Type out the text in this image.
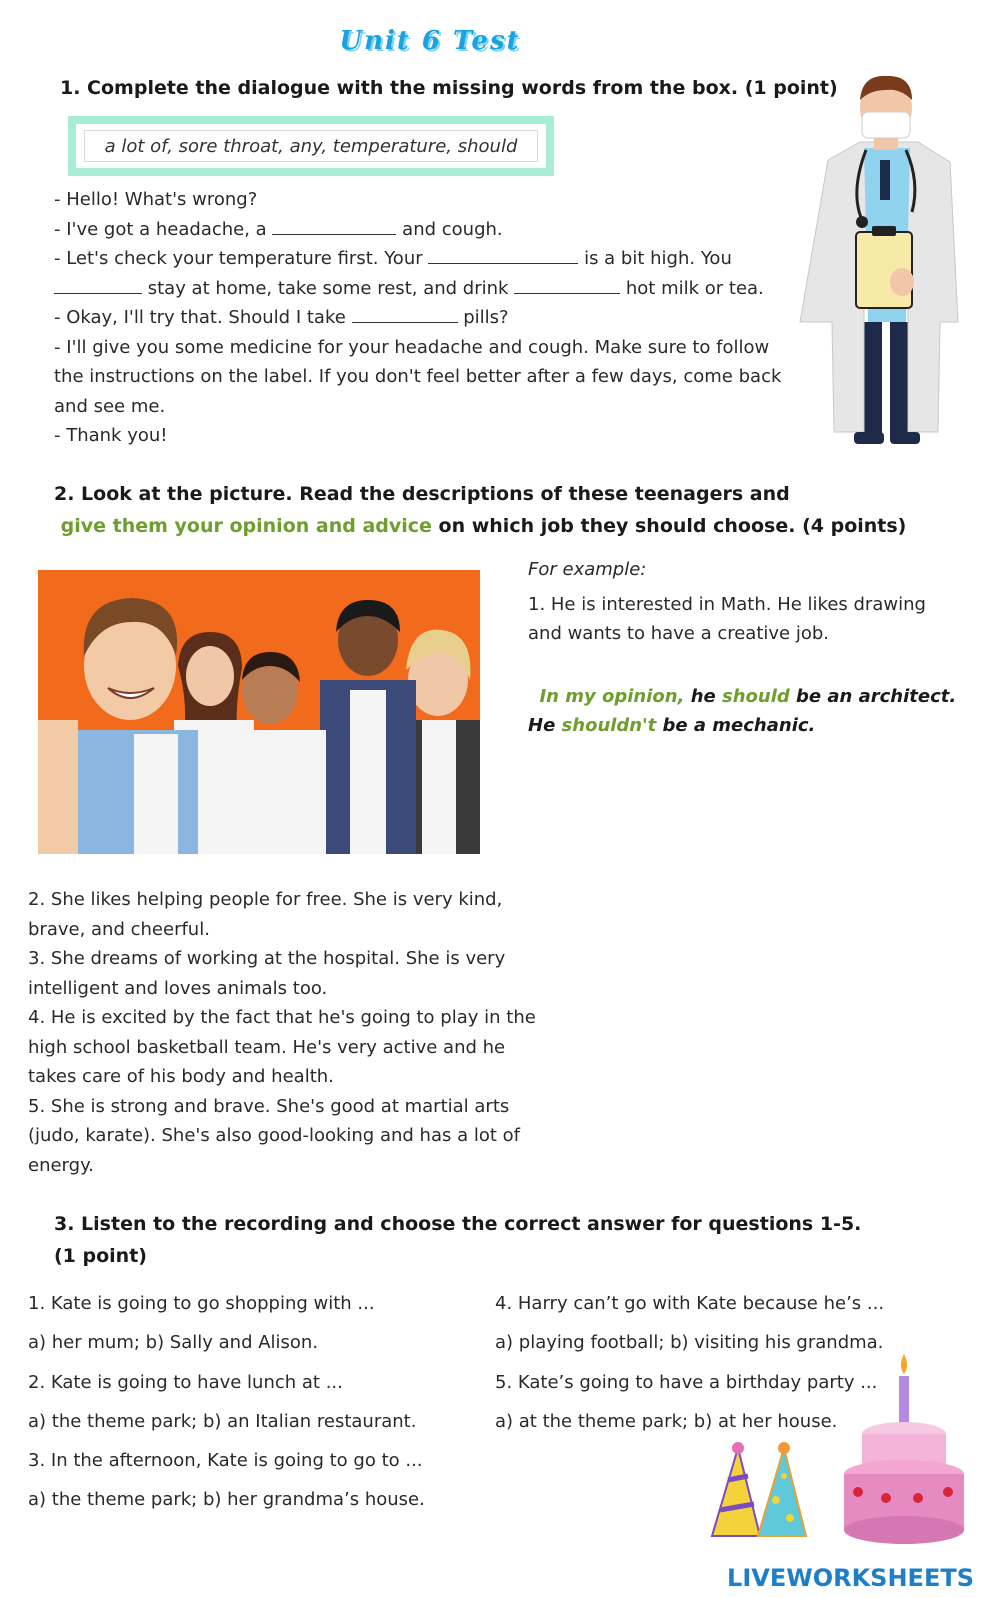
Unit 6 Test
1. Complete the dialogue with the missing words from the box. (1 point)
a lot of, sore throat, any, temperature, should
- Hello! What's wrong?
- I've got a headache, a	and cough.
- Let's check your temperature first. Your	is a bit high. You
stay at home, take some rest, and drink	hot milk or tea.
- Okay, I'll try that. Should I take	pills?
- I'll give you some medicine for your headache and cough. Make sure to follow
the instructions on the label. If you don't feel better after a few days, come back
and see me.
- Thank you!
2. Look at the picture. Read the descriptions of these teenagers and
give them your opinion and advice on which job they should choose. (4 points)
For example:
1. He is interested in Math. He likes drawing
and wants to have a creative job.
In my opinion, he should be an architect.
He shouldn't be a mechanic.
2. She likes helping people for free. She is very kind,
brave, and cheerful.
3. She dreams of working at the hospital. She is very
intelligent and loves animals too.
4. He is excited by the fact that he's going to play in the
high school basketball team. He's very active and he
takes care of his body and health.
5. She is strong and brave. She's good at martial arts
(judo, karate). She's also good-looking and has a lot of
energy.
3. Listen to the recording and choose the correct answer for questions 1-5.
(1 point)
1. Kate is going to go shopping with ...
a) her mum; b) Sally and Alison.
2. Kate is going to have lunch at ...
a) the theme park; b) an Italian restaurant.
3. In the afternoon, Kate is going to go to ...
a) the theme park; b) her grandma’s house.
4. Harry can’t go with Kate because he’s ...
a) playing football; b) visiting his grandma.
5. Kate’s going to have a birthday party ...
a) at the theme park; b) at her house.
LIVEWORKSHEETS
